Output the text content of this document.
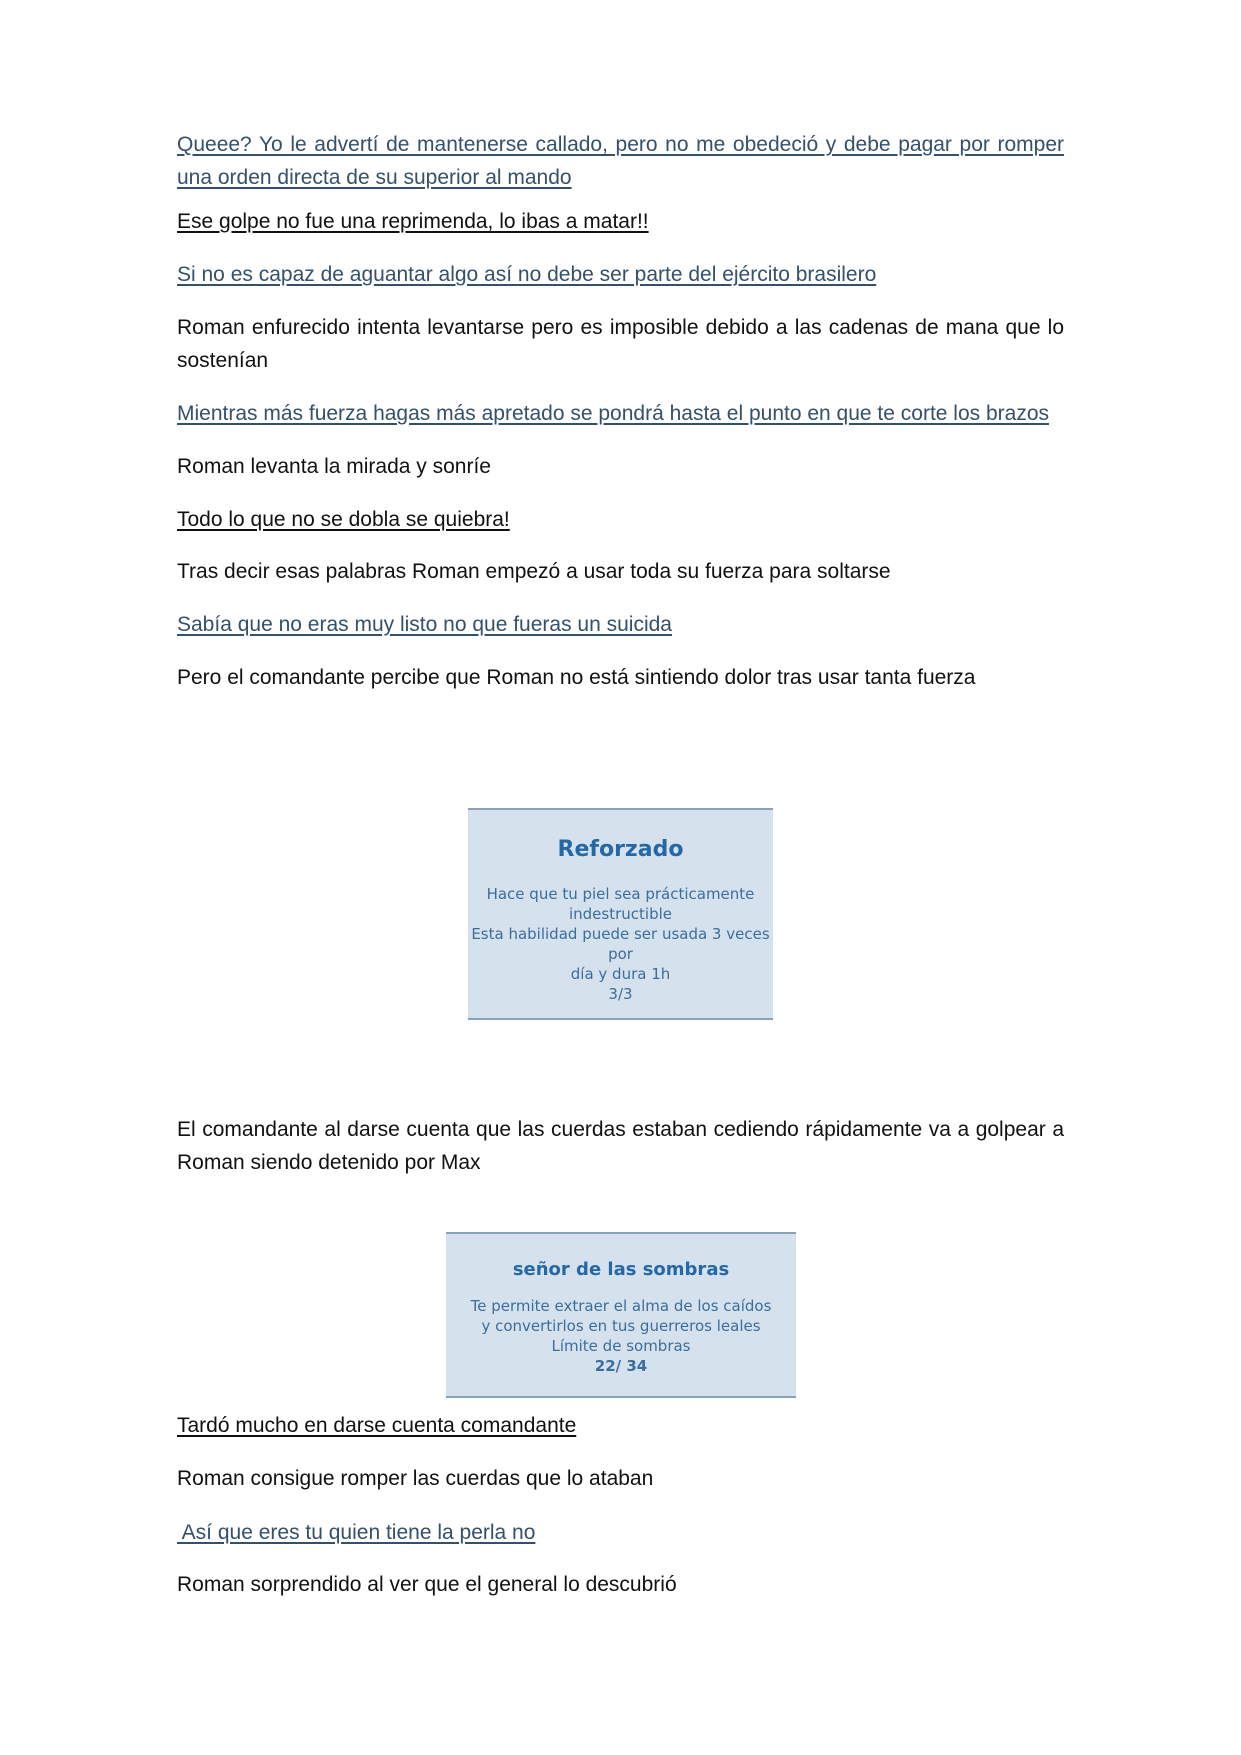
Queee? Yo le advertí de mantenerse callado, pero no me obedeció y debe pagar por romper una orden directa de su superior al mando

Ese golpe no fue una reprimenda, lo ibas a matar!!

Si no es capaz de aguantar algo así no debe ser parte del ejército brasilero

Roman enfurecido intenta levantarse pero es imposible debido a las cadenas de mana que lo sostenían

Mientras más fuerza hagas más apretado se pondrá hasta el punto en que te corte los brazos

Roman levanta la mirada y sonríe

Todo lo que no se dobla se quiebra!

Tras decir esas palabras Roman empezó a usar toda su fuerza para soltarse

Sabía que no eras muy listo no que fueras un suicida

Pero el comandante percibe que Roman no está sintiendo dolor tras usar tanta fuerza

Reforzado
Hace que tu piel sea prácticamente
indestructible
Esta habilidad puede ser usada 3 veces por
día y dura 1h
3/3

El comandante al darse cuenta que las cuerdas estaban cediendo rápidamente va a golpear a Roman siendo detenido por Max

señor de las sombras
Te permite extraer el alma de los caídos
y convertirlos en tus guerreros leales
Límite de sombras
22/ 34

Tardó mucho en darse cuenta comandante

Roman consigue romper las cuerdas que lo ataban

Así que eres tu quien tiene la perla no

Roman sorprendido al ver que el general lo descubrió
